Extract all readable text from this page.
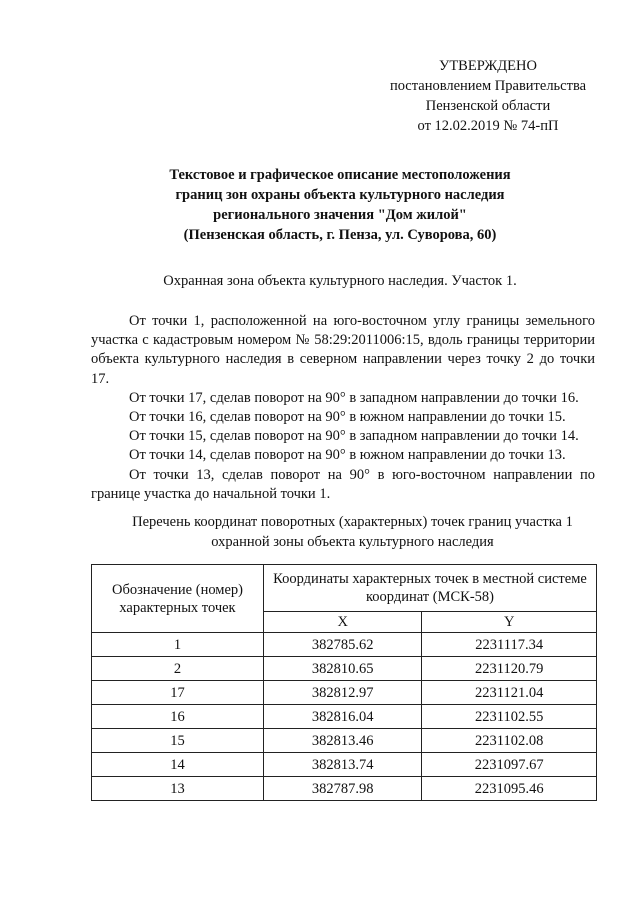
УТВЕРЖДЕНО
постановлением Правительства
Пензенской области
от 12.02.2019 № 74-пП
Текстовое и графическое описание местоположения
границ зон охраны объекта культурного наследия
регионального значения "Дом жилой"
(Пензенская область, г. Пенза, ул. Суворова, 60)
Охранная зона объекта культурного наследия. Участок 1.

От точки 1, расположенной на юго-восточном углу границы земельного участка с кадастровым номером № 58:29:2011006:15, вдоль границы территории объекта культурного наследия в северном направлении через точку 2 до точки 17.

От точки 17, сделав поворот на 90° в западном направлении до точки 16.

От точки 16, сделав поворот на 90° в южном направлении до точки 15.

От точки 15, сделав поворот на 90° в западном направлении до точки 14.

От точки 14, сделав поворот на 90° в южном направлении до точки 13.

От точки 13, сделав поворот на 90° в юго-восточном направлении по границе участка до начальной точки 1.

Перечень координат поворотных (характерных) точек границ участка 1
охранной зоны объекта культурного наследия
Обозначение (номер) характерных точек	Координаты характерных точек в местной системе координат (МСК-58)	
	X	Y
1	382785.62	2231117.34
2	382810.65	2231120.79
17	382812.97	2231121.04
16	382816.04	2231102.55
15	382813.46	2231102.08
14	382813.74	2231097.67
13	382787.98	2231095.46
